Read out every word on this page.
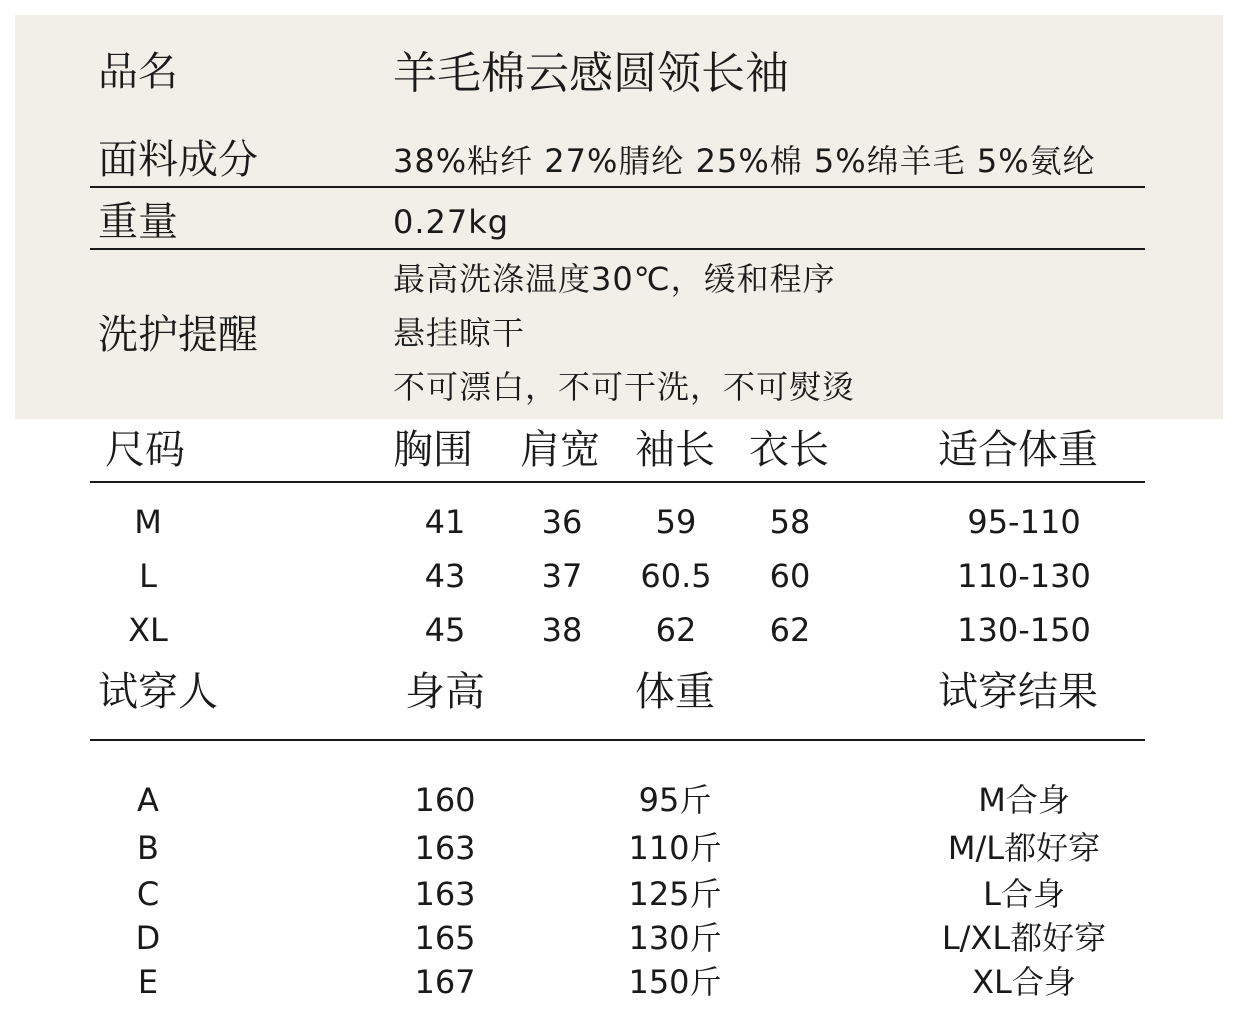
品名	羊毛棉云感圆领长袖
面料成分	38%粘纤 27%腈纶 25%棉 5%绵羊毛 5%氨纶
重量	0.27kg
洗护提醒
最高洗涤温度30℃，缓和程序
悬挂晾干
不可漂白，不可干洗，不可熨烫
尺码	胸围 肩宽 袖长 衣长	适合体重
M	41 36 59 58	95-110
L	43 37 60.5 60	110-130
XL	45 38 62 62	130-150
试穿人	身高	体重	试穿结果
A	160	95斤	M合身
B	163	110斤	M/L都好穿
C	163	125斤	L合身
D	165	130斤	L/XL都好穿
E	167	150斤	XL合身
